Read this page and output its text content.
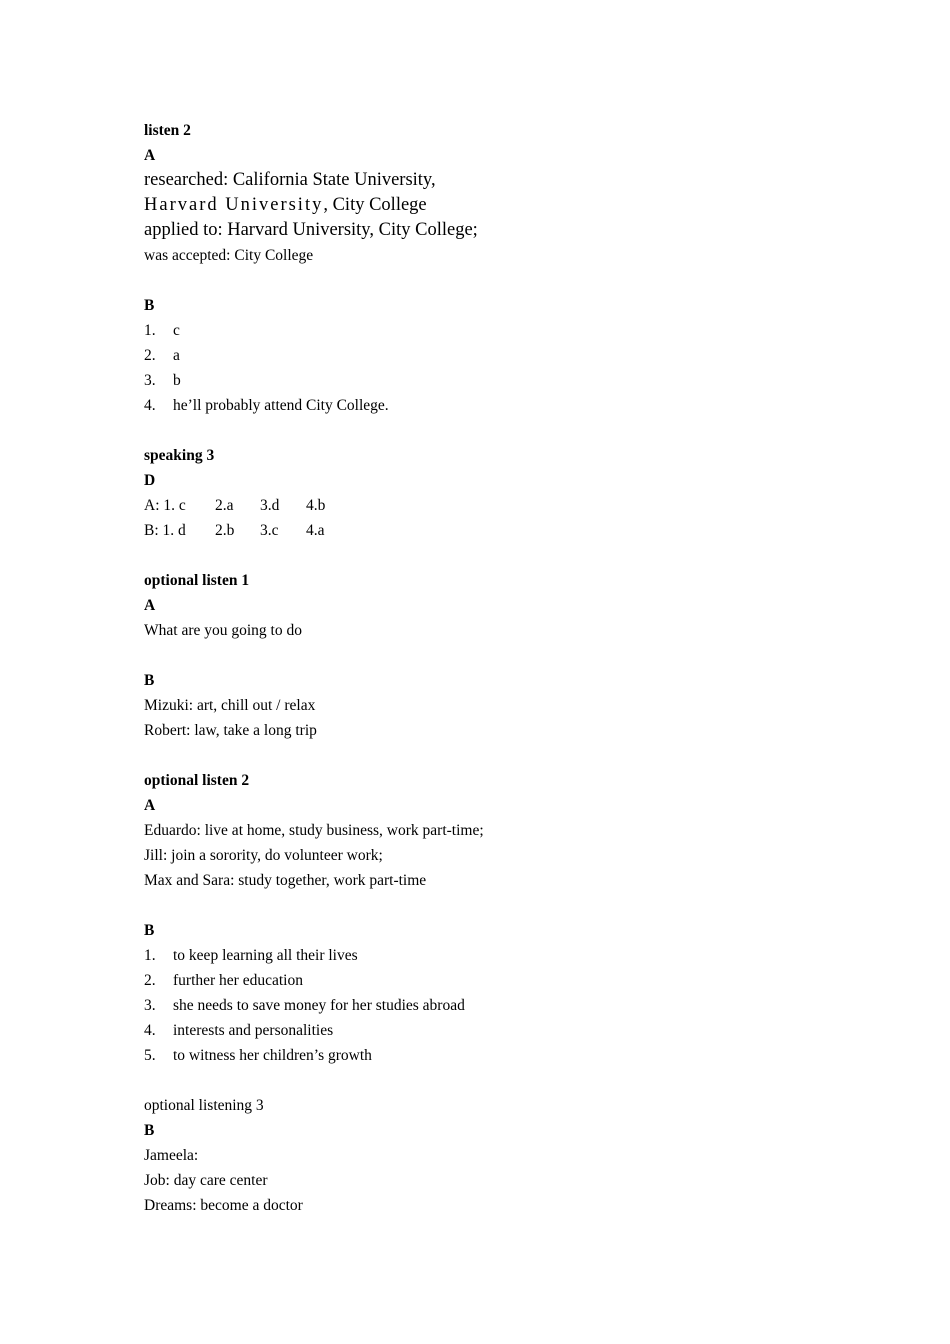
listen 2
A
researched: California State University,
Harvard University, City College
applied to: Harvard University, City College;
was accepted: City College
B
1. c
2. a
3. b
4. he’ll probably attend City College.
speaking 3
D
A: 1. c 2.a 3.d 4.b
B: 1. d 2.b 3.c 4.a
optional listen 1
A
What are you going to do
B
Mizuki: art, chill out / relax
Robert: law, take a long trip
optional listen 2
A
Eduardo: live at home, study business, work part-time;
Jill: join a sorority, do volunteer work;
Max and Sara: study together, work part-time
B
1. to keep learning all their lives
2. further her education
3. she needs to save money for her studies abroad
4. interests and personalities
5. to witness her children’s growth
optional listening 3
B
Jameela:
Job: day care center
Dreams: become a doctor
